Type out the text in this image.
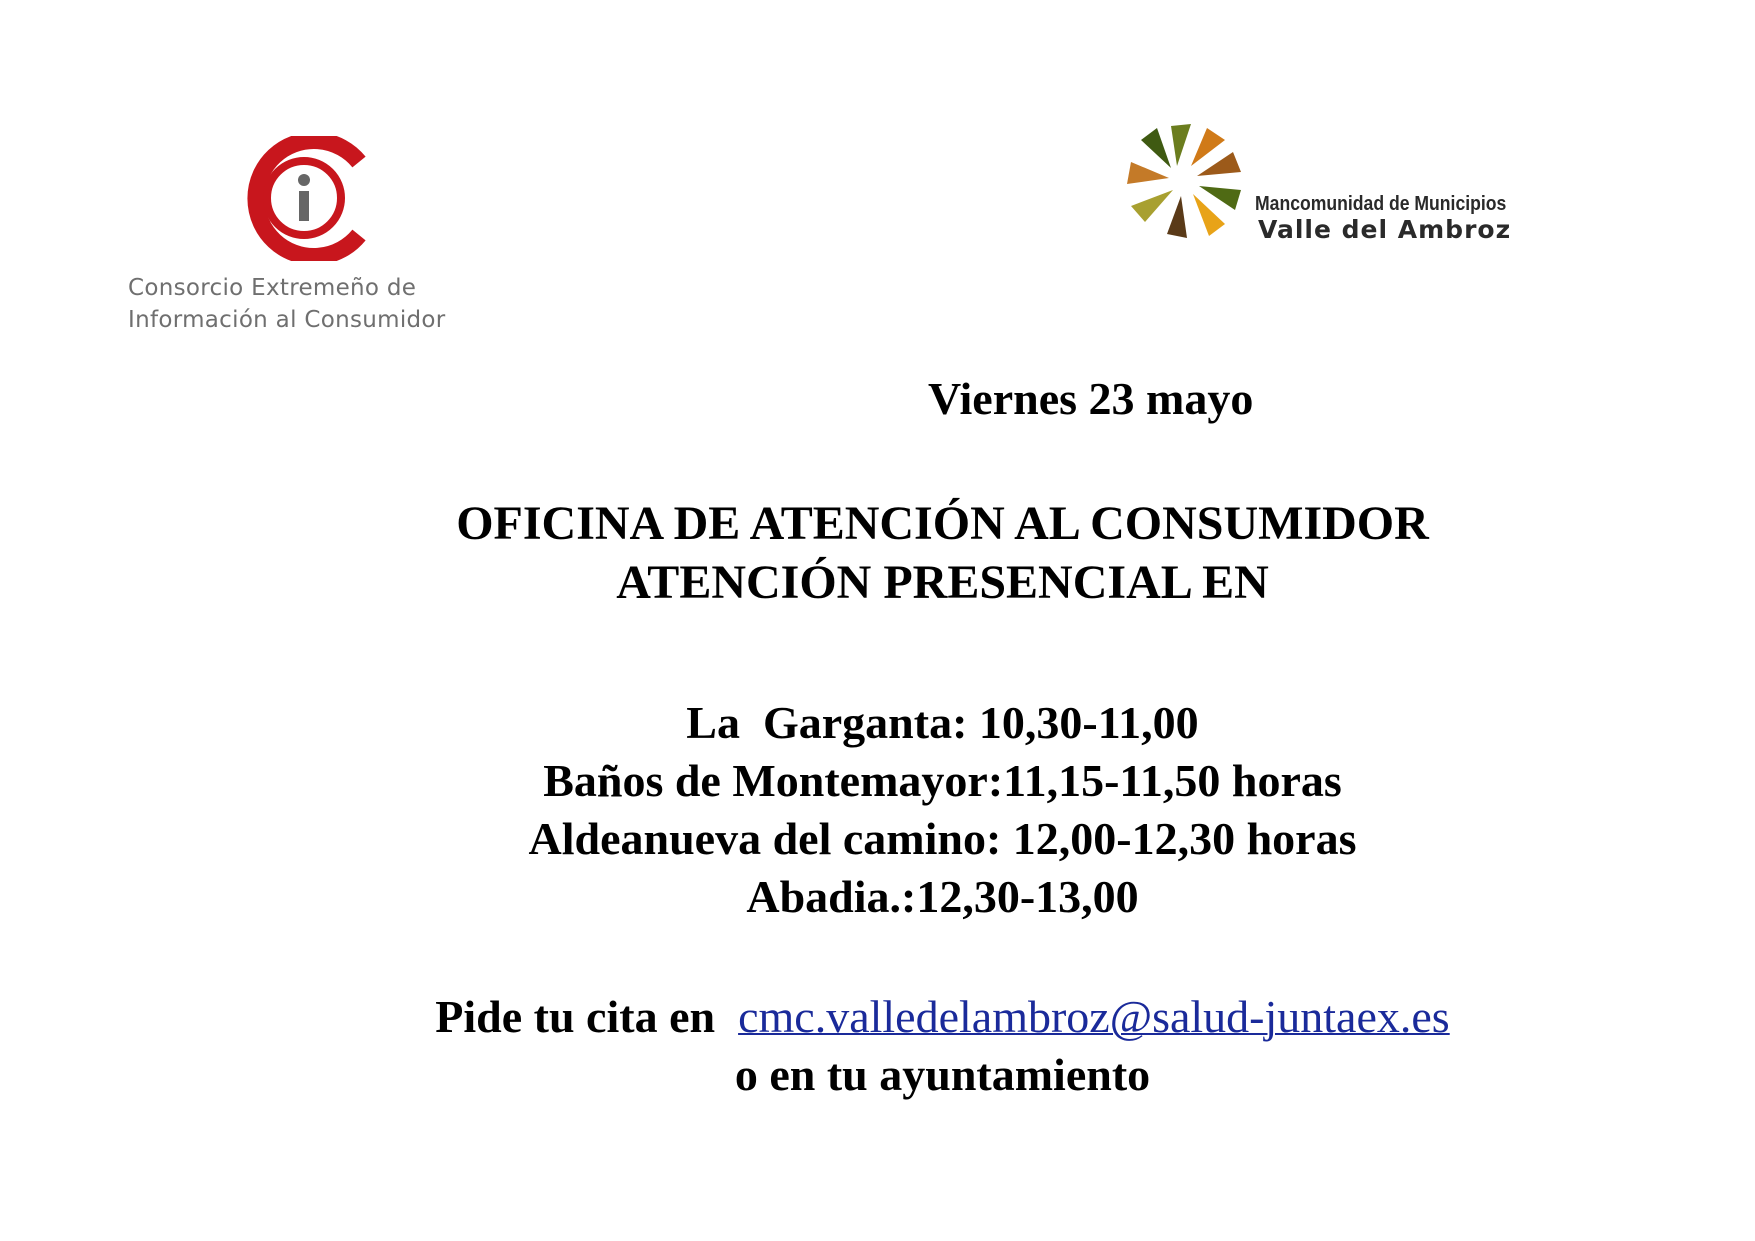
Consorcio Extremeño de
Información al Consumidor
Mancomunidad de Municipios
Valle del Ambroz
Viernes 23 mayo
OFICINA DE ATENCIÓN AL CONSUMIDOR
ATENCIÓN PRESENCIAL EN
La  Garganta: 10,30-11,00
Baños de Montemayor:11,15-11,50 horas
Aldeanueva del camino: 12,00-12,30 horas
Abadia.:12,30-13,00
Pide tu cita en  cmc.valledelambroz@salud-juntaex.es
o en tu ayuntamiento
